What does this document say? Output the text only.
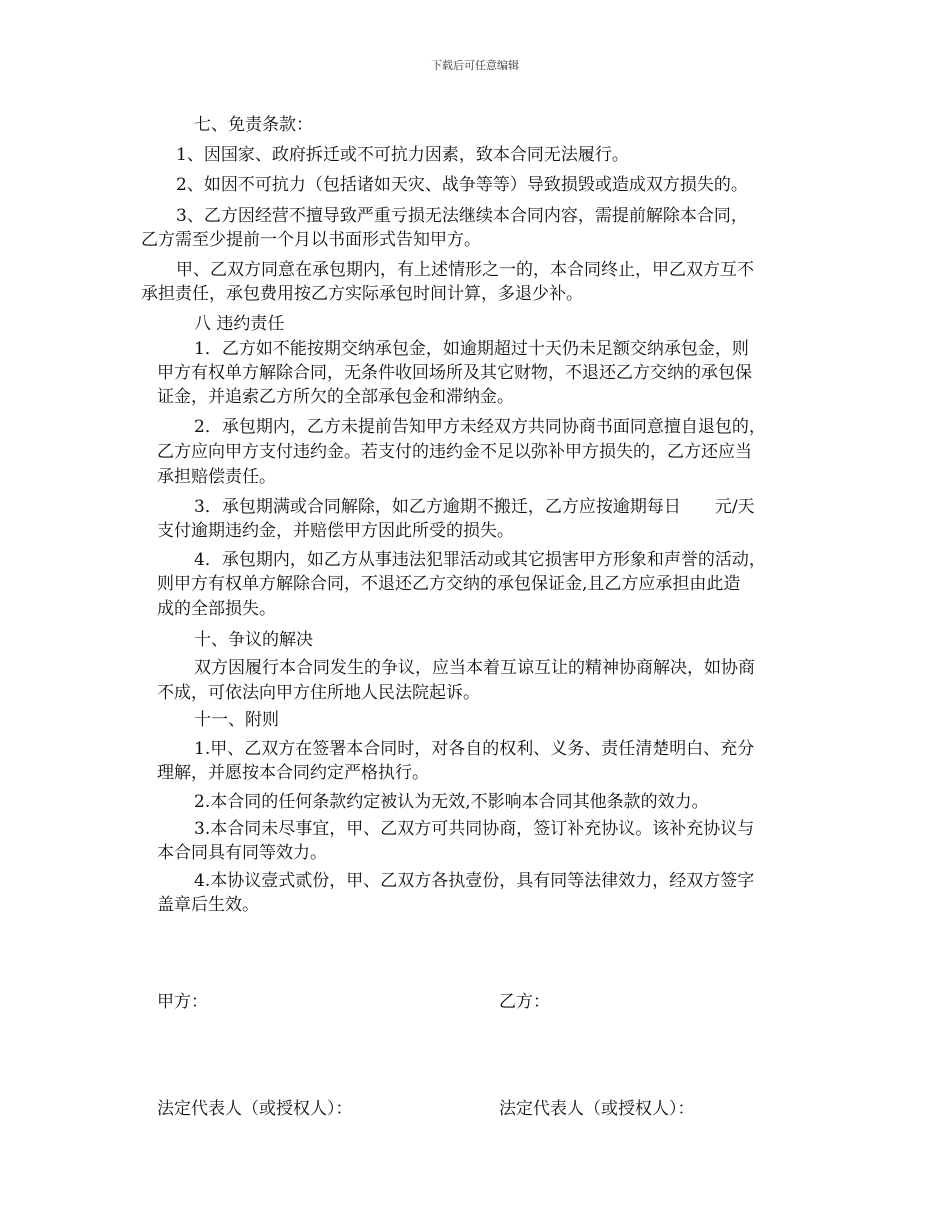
下载后可任意编辑
七、免责条款：
1、因国家、政府拆迁或不可抗力因素，致本合同无法履行。
2、如因不可抗力（包括诸如天灾、战争等等）导致损毁或造成双方损失的。
3、乙方因经营不擅导致严重亏损无法继续本合同内容，需提前解除本合同，
乙方需至少提前一个月以书面形式告知甲方。
甲、乙双方同意在承包期内，有上述情形之一的，本合同终止，甲乙双方互不
承担责任，承包费用按乙方实际承包时间计算，多退少补。
八 违约责任
1．乙方如不能按期交纳承包金，如逾期超过十天仍未足额交纳承包金，则
甲方有权单方解除合同，无条件收回场所及其它财物，不退还乙方交纳的承包保
证金，并追索乙方所欠的全部承包金和滞纳金。
2．承包期内，乙方未提前告知甲方未经双方共同协商书面同意擅自退包的，
乙方应向甲方支付违约金。若支付的违约金不足以弥补甲方损失的，乙方还应当
承担赔偿责任。
3．承包期满或合同解除，如乙方逾期不搬迁，乙方应按逾期每日　　元/天
支付逾期违约金，并赔偿甲方因此所受的损失。
4．承包期内，如乙方从事违法犯罪活动或其它损害甲方形象和声誉的活动，
则甲方有权单方解除合同，不退还乙方交纳的承包保证金,且乙方应承担由此造
成的全部损失。
十、争议的解决
双方因履行本合同发生的争议，应当本着互谅互让的精神协商解决，如协商
不成，可依法向甲方住所地人民法院起诉。
十一、附则
1.甲、乙双方在签署本合同时，对各自的权利、义务、责任清楚明白、充分
理解，并愿按本合同约定严格执行。
2.本合同的任何条款约定被认为无效,不影响本合同其他条款的效力。
3.本合同未尽事宜，甲、乙双方可共同协商，签订补充协议。该补充协议与
本合同具有同等效力。
4.本协议壹式贰份，甲、乙双方各执壹份，具有同等法律效力，经双方签字
盖章后生效。
甲方：	乙方：
法定代表人（或授权人）：	法定代表人（或授权人）：
